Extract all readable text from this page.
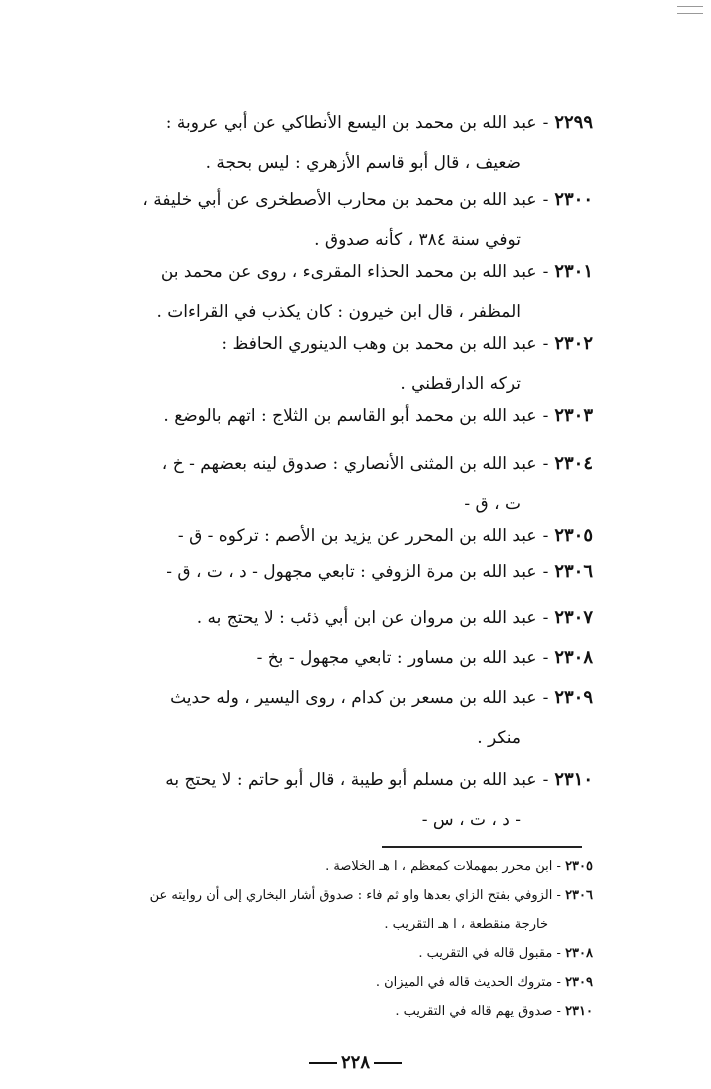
٢٢٩٩-عبد الله بن محمد بن اليسع الأنطاكي عن أبي عروبة :
ضعيف ، قال أبو قاسم الأزهري : ليس بحجة .
٢٣٠٠-عبد الله بن محمد بن محارب الأصطخرى عن أبي خليفة ،
توفي سنة ٣٨٤ ، كأنه صدوق .
٢٣٠١-عبد الله بن محمد الحذاء المقرىء ، روى عن محمد بن
المظفر ، قال ابن خيرون : كان يكذب في القراءات .
٢٣٠٢-عبد الله بن محمد بن وهب الدينوري الحافظ :
تركه الدارقطني .
٢٣٠٣-عبد الله بن محمد أبو القاسم بن الثلاج : اتهم بالوضع .
٢٣٠٤-عبد الله بن المثنى الأنصاري : صدوق لينه بعضهم - خ ،
ت ، ق -
٢٣٠٥-عبد الله بن المحرر عن يزيد بن الأصم : تركوه - ق -
٢٣٠٦-عبد الله بن مرة الزوفي : تابعي مجهول - د ، ت ، ق -
٢٣٠٧-عبد الله بن مروان عن ابن أبي ذئب : لا يحتج به .
٢٣٠٨-عبد الله بن مساور : تابعي مجهول - بخ -
٢٣٠٩-عبد الله بن مسعر بن كدام ، روى اليسير ، وله حديث
منكر .
٢٣١٠-عبد الله بن مسلم أبو طيبة ، قال أبو حاتم : لا يحتج به
- د ، ت ، س -
٢٣٠٥ - ابن محرر بمهملات كمعظم ، ا هـ الخلاصة .
٢٣٠٦ - الزوفي بفتح الزاي بعدها واو ثم فاء : صدوق أشار البخاري إلى أن روايته عن
خارجة منقطعة ، ا هـ التقريب .
٢٣٠٨ - مقبول قاله في التقريب .
٢٣٠٩ - متروك الحديث قاله في الميزان .
٢٣١٠ - صدوق يهم قاله في التقريب .
٢٢٨
